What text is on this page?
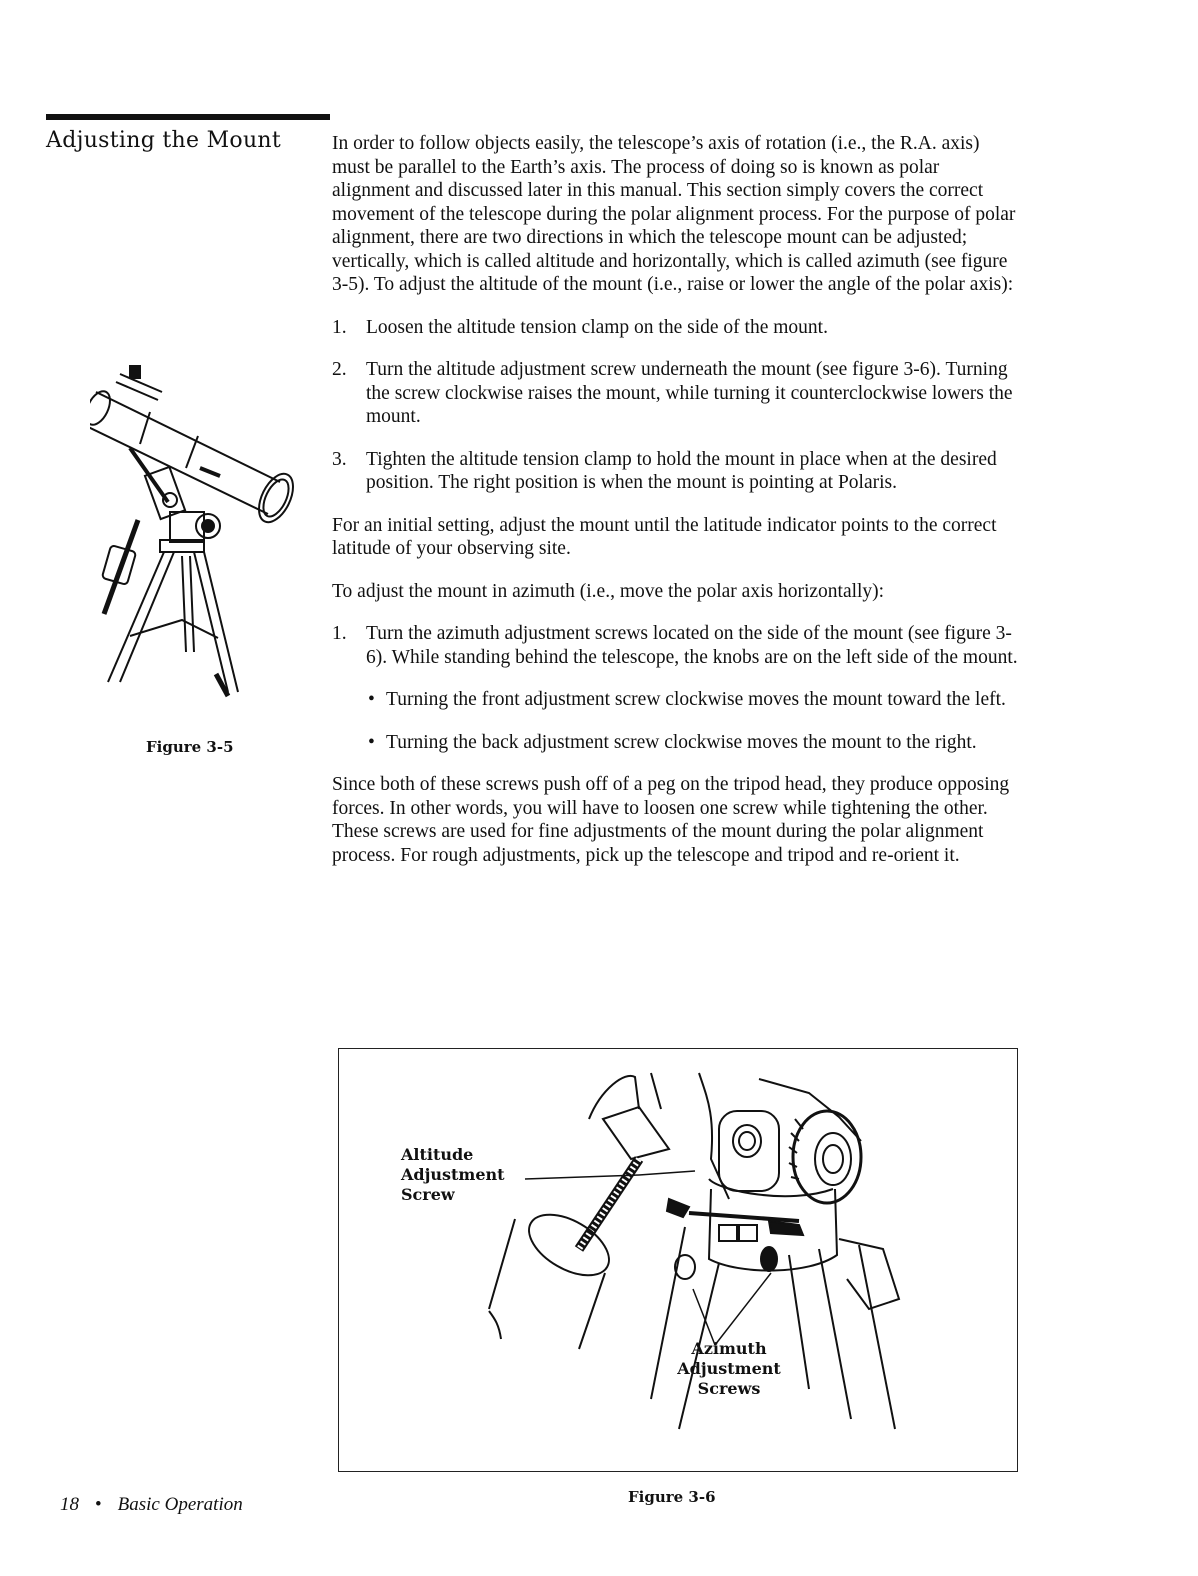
Adjusting the Mount	In order to follow objects easily, the telescope’s axis of rotation (i.e., the R.A. axis) must be parallel to the Earth’s axis. The process of doing so is known as polar alignment and discussed later in this manual. This section simply covers the correct movement of the telescope during the polar alignment process. For the purpose of polar alignment, there are two directions in which the telescope mount can be adjusted; vertically, which is called altitude and horizontally, which is called azimuth (see figure 3-5). To adjust the altitude of the mount (i.e., raise or lower the angle of the polar axis):

1. Loosen the altitude tension clamp on the side of the mount.
2. Turn the altitude adjustment screw underneath the mount (see figure 3-6). Turning the screw clockwise raises the mount, while turning it counterclockwise lowers the mount.
3. Tighten the altitude tension clamp to hold the mount in place when at the desired position. The right position is when the mount is pointing at Polaris.

For an initial setting, adjust the mount until the latitude indicator points to the correct latitude of your observing site.

To adjust the mount in azimuth (i.e., move the polar axis horizontally):

1. Turn the azimuth adjustment screws located on the side of the mount (see figure 3-6). While standing behind the telescope, the knobs are on the left side of the mount.
• Turning the front adjustment screw clockwise moves the mount toward the left.
• Turning the back adjustment screw clockwise moves the mount to the right.

Since both of these screws push off of a peg on the tripod head, they produce opposing forces. In other words, you will have to loosen one screw while tightening the other. These screws are used for fine adjustments of the mount during the polar alignment process. For rough adjustments, pick up the telescope and tripod and re-orient it.

Figure 3-5
Altitude
Adjustment
Screw
Azimuth
Adjustment
Screws
Figure 3-6
18 • Basic Operation
